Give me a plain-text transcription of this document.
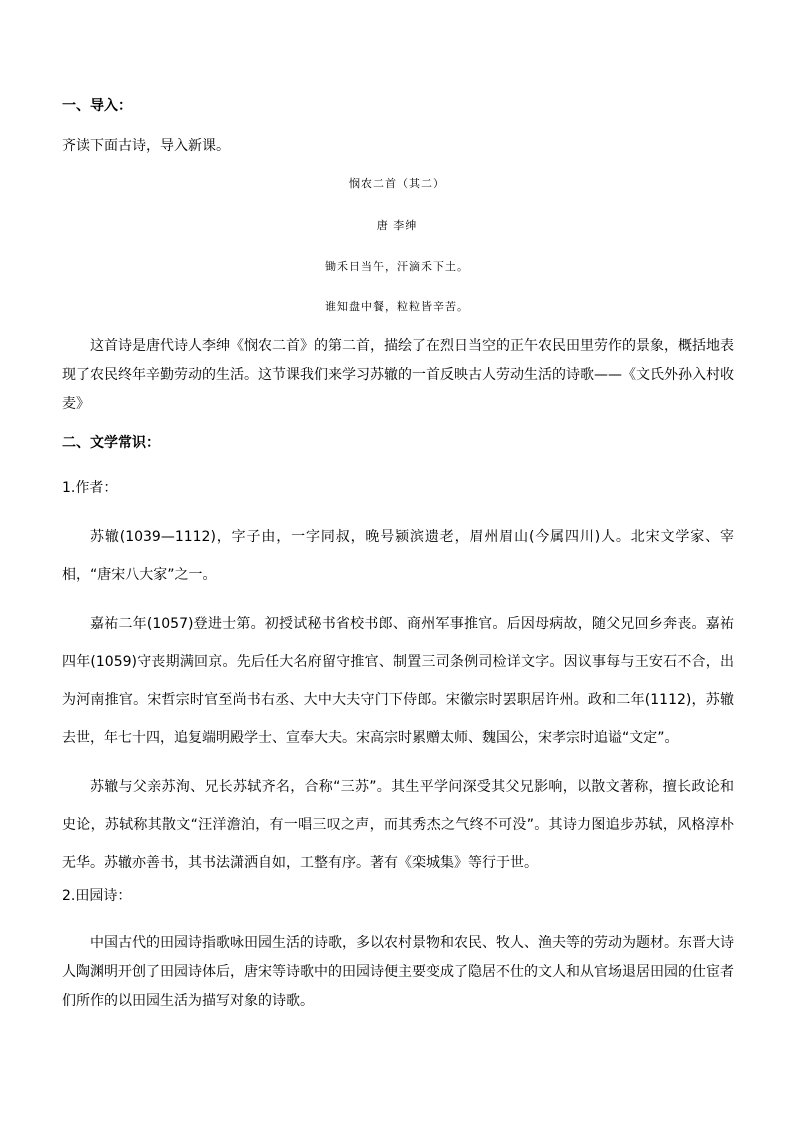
一、导入：
齐读下面古诗，导入新课。
悯农二首（其二）
唐 李绅
锄禾日当午，汗滴禾下土。
谁知盘中餐，粒粒皆辛苦。

这首诗是唐代诗人李绅《悯农二首》的第二首，描绘了在烈日当空的正午农民田里劳作的景象，概括地表现了农民终年辛勤劳动的生活。这节课我们来学习苏辙的一首反映古人劳动生活的诗歌——《文氏外孙入村收麦》

二、文学常识：
1.作者：

苏辙(1039—1112)，字子由，一字同叔，晚号颍滨遗老，眉州眉山(今属四川)人。北宋文学家、宰相，“唐宋八大家”之一。

嘉祐二年(1057)登进士第。初授试秘书省校书郎、商州军事推官。后因母病故，随父兄回乡奔丧。嘉祐四年(1059)守丧期满回京。先后任大名府留守推官、制置三司条例司检详文字。因议事每与王安石不合，出为河南推官。宋哲宗时官至尚书右丞、大中大夫守门下侍郎。宋徽宗时罢职居许州。政和二年(1112)，苏辙去世，年七十四，追复端明殿学士、宣奉大夫。宋高宗时累赠太师、魏国公，宋孝宗时追谥“文定”。

苏辙与父亲苏洵、兄长苏轼齐名，合称“三苏”。其生平学问深受其父兄影响，以散文著称，擅长政论和史论，苏轼称其散文“汪洋澹泊，有一唱三叹之声，而其秀杰之气终不可没”。其诗力图追步苏轼，风格淳朴无华。苏辙亦善书，其书法潇洒自如，工整有序。著有《栾城集》等行于世。

2.田园诗：

中国古代的田园诗指歌咏田园生活的诗歌，多以农村景物和农民、牧人、渔夫等的劳动为题材。东晋大诗人陶渊明开创了田园诗体后，唐宋等诗歌中的田园诗便主要变成了隐居不仕的文人和从官场退居田园的仕宦者们所作的以田园生活为描写对象的诗歌。
